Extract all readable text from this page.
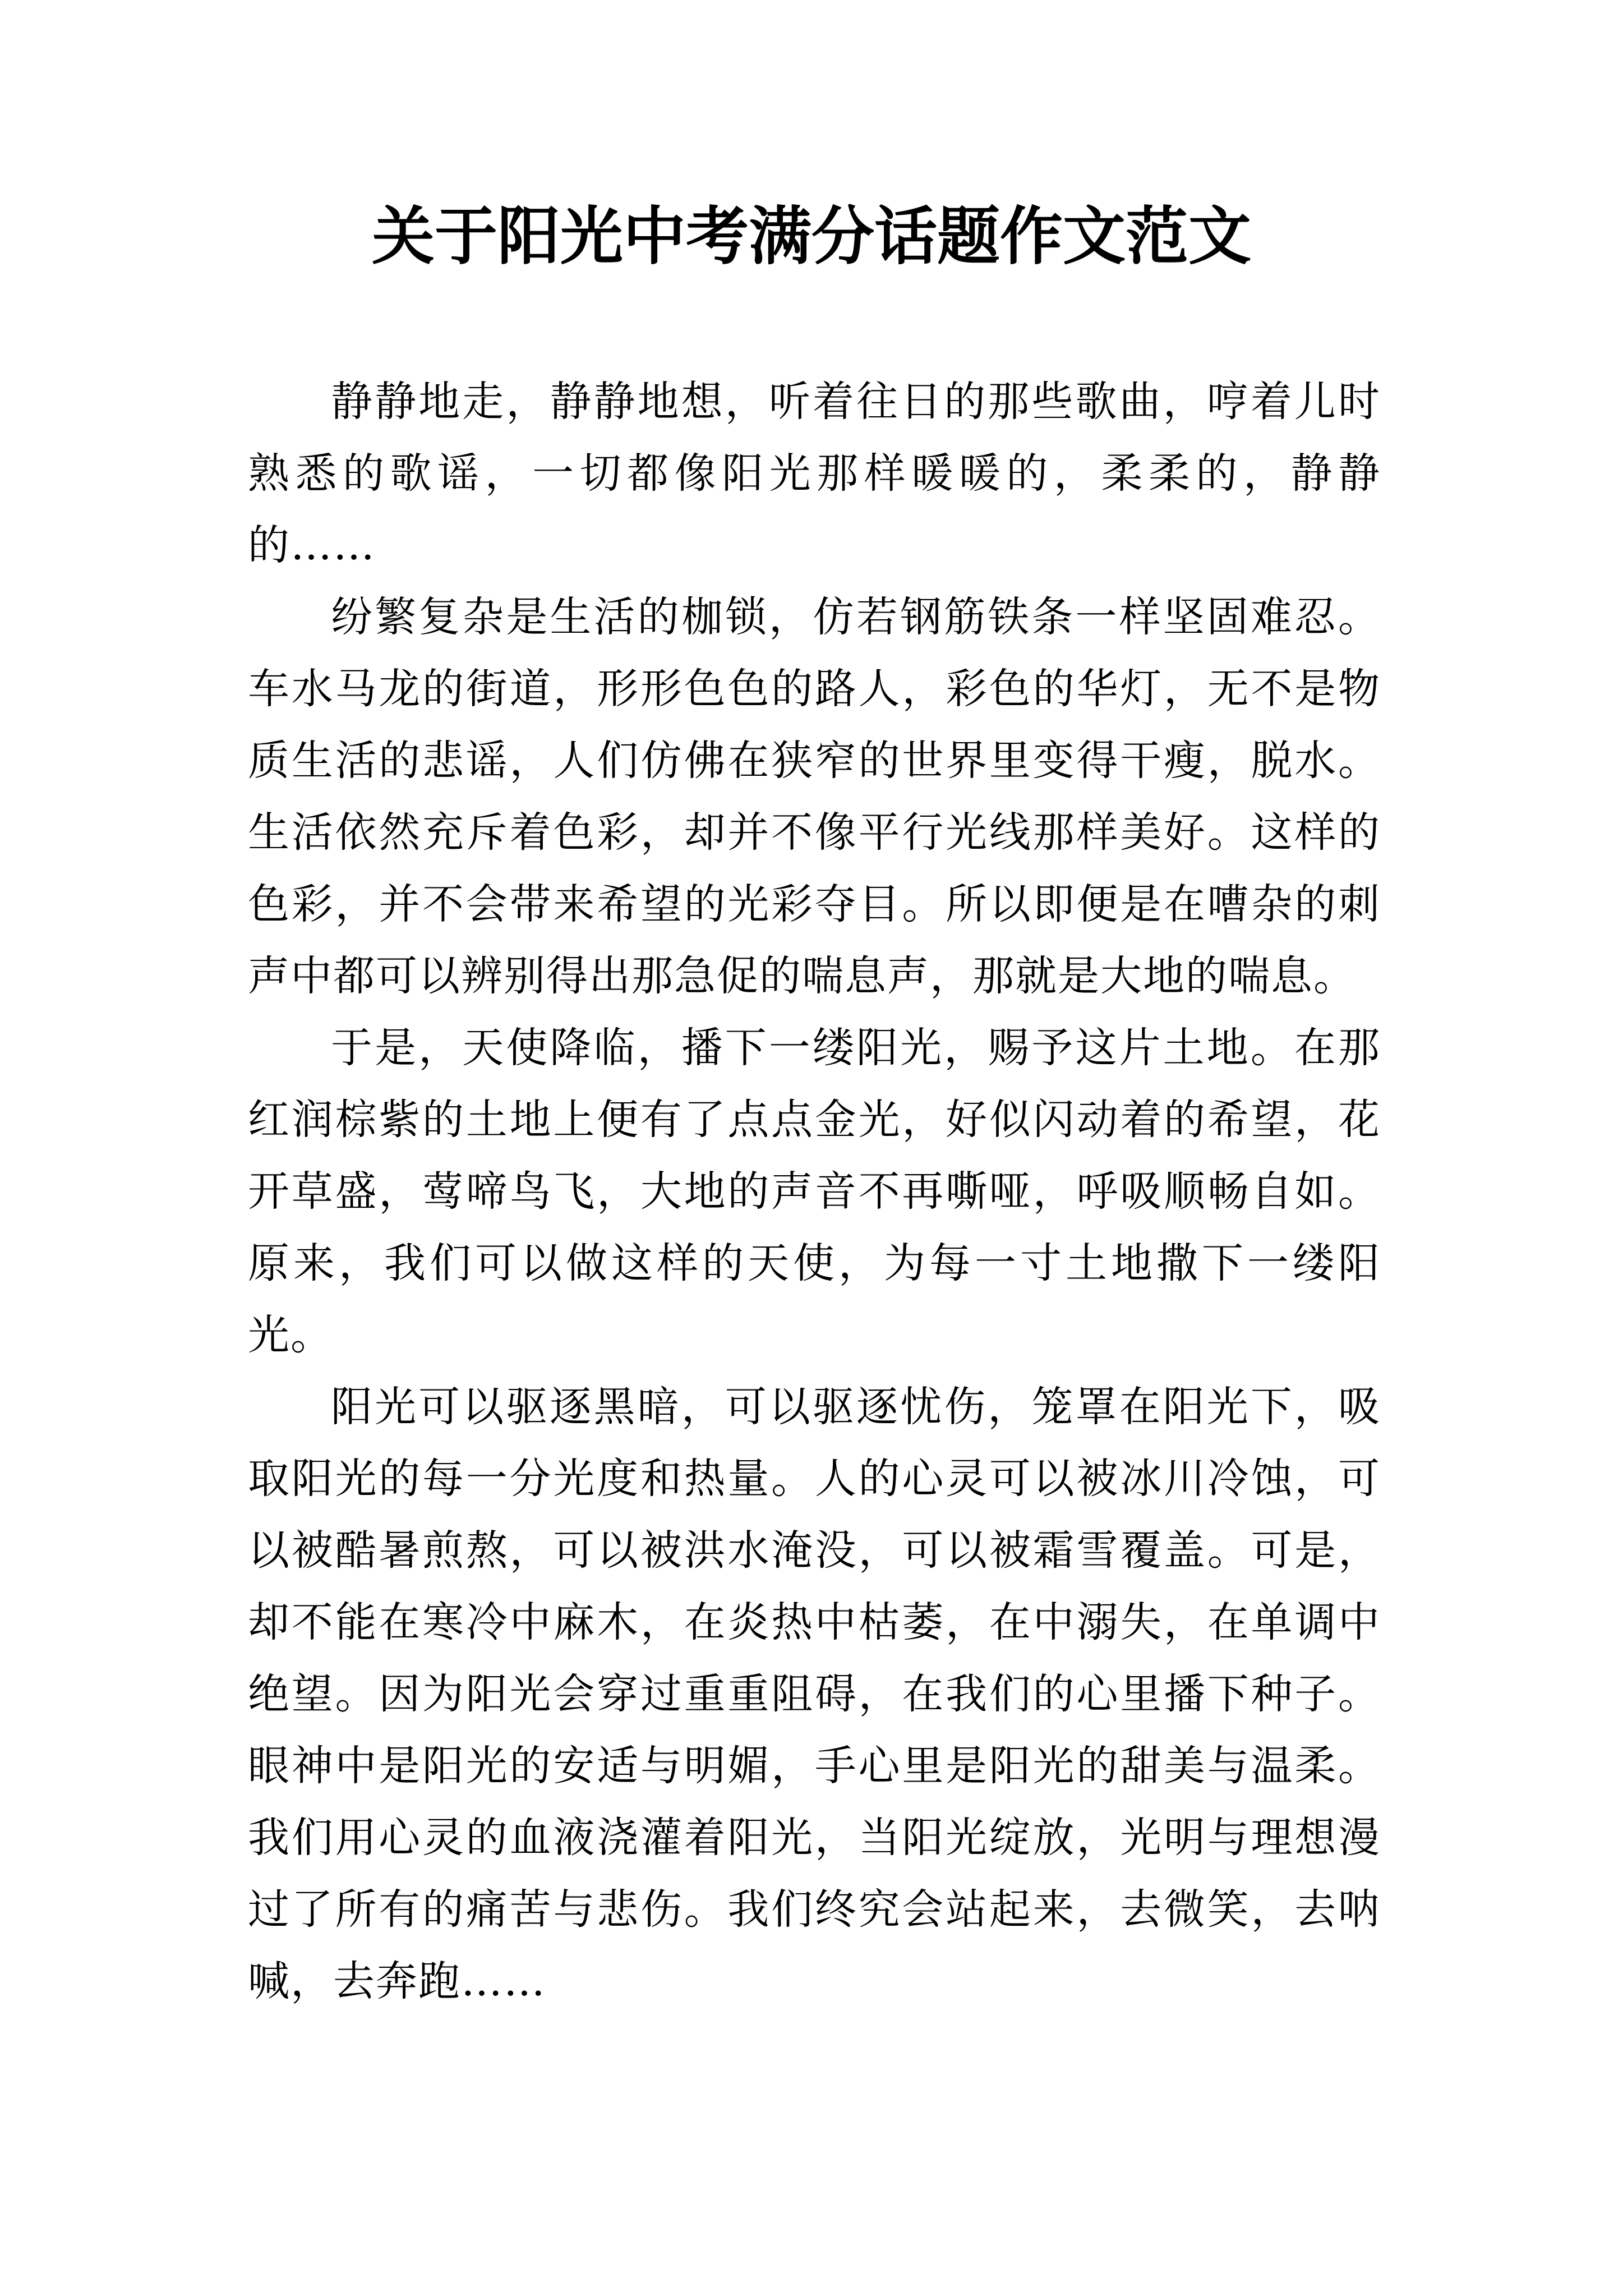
关于阳光中考满分话题作文范文

静静地走，静静地想，听着往日的那些歌曲，哼着儿时熟悉的歌谣，一切都像阳光那样暖暖的，柔柔的，静静的……

纷繁复杂是生活的枷锁，仿若钢筋铁条一样坚固难忍。车水马龙的街道，形形色色的路人，彩色的华灯，无不是物质生活的悲谣，人们仿佛在狭窄的世界里变得干瘦，脱水。生活依然充斥着色彩，却并不像平行光线那样美好。这样的色彩，并不会带来希望的光彩夺目。所以即便是在嘈杂的刺声中都可以辨别得出那急促的喘息声，那就是大地的喘息。

于是，天使降临，播下一缕阳光，赐予这片土地。在那红润棕紫的土地上便有了点点金光，好似闪动着的希望，花开草盛，莺啼鸟飞，大地的声音不再嘶哑，呼吸顺畅自如。原来，我们可以做这样的天使，为每一寸土地撒下一缕阳光。

阳光可以驱逐黑暗，可以驱逐忧伤，笼罩在阳光下，吸取阳光的每一分光度和热量。人的心灵可以被冰川冷蚀，可以被酷暑煎熬，可以被洪水淹没，可以被霜雪覆盖。可是，却不能在寒冷中麻木，在炎热中枯萎，在中溺失，在单调中绝望。因为阳光会穿过重重阻碍，在我们的心里播下种子。眼神中是阳光的安适与明媚，手心里是阳光的甜美与温柔。我们用心灵的血液浇灌着阳光，当阳光绽放，光明与理想漫过了所有的痛苦与悲伤。我们终究会站起来，去微笑，去呐喊，去奔跑……
